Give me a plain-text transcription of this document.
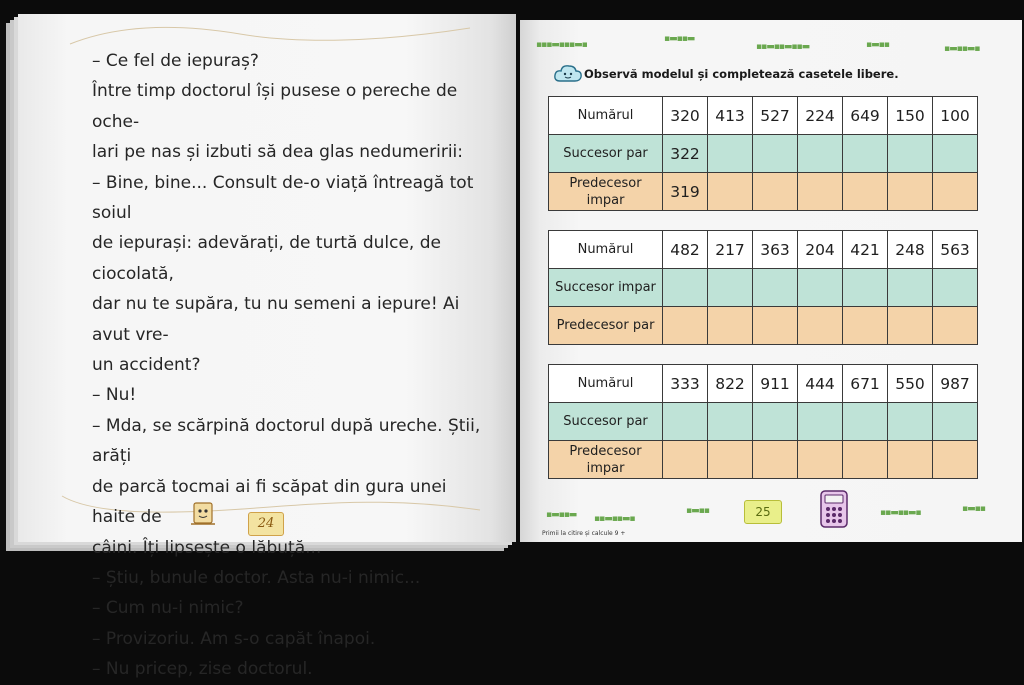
– Ce fel de iepuraș?

Între timp doctorul își pusese o pereche de oche-

lari pe nas și izbuti să dea glas nedumeririi:

– Bine, bine... Consult de-o viață întreagă tot soiul

de iepurași: adevărați, de turtă dulce, de ciocolată,

dar nu te supăra, tu nu semeni a iepure! Ai avut vre-

un accident?

– Nu!

– Mda, se scărpină doctorul după ureche. Știi, arăți

de parcă tocmai ai fi scăpat din gura unei haite de

câini. Îți lipsește o lăbuță...

– Știu, bunule doctor. Asta nu-i nimic...

– Cum nu-i nimic?

– Provizoriu. Am s-o capăt înapoi.

– Nu pricep, zise doctorul.

24
▪▪▪▬▪▪▪▬▪
▪▬▪▪▬
▪▪▬▪▪▬▪▪▬	▪▬▪▪	▪▬▪▪▬▪
Observă modelul și completează casetele libere.
Numărul	320	413	527	224	649	150	100
Succesor par	322						
Predecesor impar	319						
Numărul	482	217	363	204	421	248	563
Succesor impar							
Predecesor par							
Numărul	333	822	911	444	671	550	987
Succesor par							
Predecesor impar							
▪▬▪▪▬ ▪▪▬▪▪▬▪
▪▬▪▪	25	▪▪▬▪▪▬▪	▪▬▪▪
Primii la citire și calcule 9 +
